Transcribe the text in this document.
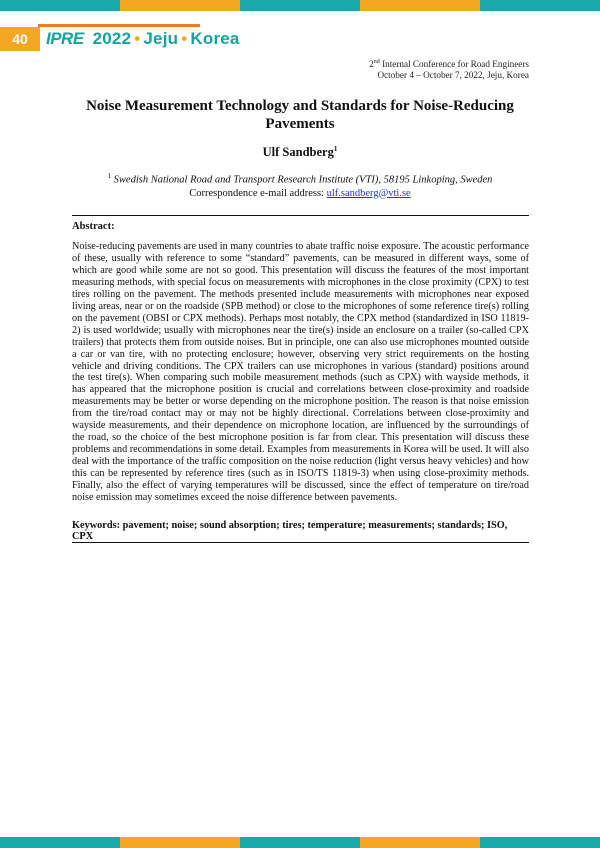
40	IPRE 2022 • Jeju • Korea
2nd Internal Conference for Road Engineers
October 4 – October 7, 2022, Jeju, Korea
Noise Measurement Technology and Standards for Noise-Reducing Pavements
Ulf Sandberg$^1$
$^1$ Swedish National Road and Transport Research Institute (VTI), 58195 Linkoping, Sweden
Correspondence e-mail address: ulf.sandberg@vti.se
Abstract:

Noise-reducing pavements are used in many countries to abate traffic noise exposure. The acoustic performance of these, usually with reference to some “standard” pavements, can be measured in different ways, some of which are good while some are not so good. This presentation will discuss the features of the most important measuring methods, with special focus on measurements with microphones in the close proximity (CPX) to test tires rolling on the pavement. The methods presented include measurements with microphones near exposed living areas, near or on the roadside (SPB method) or close to the microphones of some reference tire(s) rolling on the pavement (OBSI or CPX methods). Perhaps most notably, the CPX method (standardized in ISO 11819-2) is used worldwide; usually with microphones near the tire(s) inside an enclosure on a trailer (so-called CPX trailers) that protects them from outside noises. But in principle, one can also use microphones mounted outside a car or van tire, with no protecting enclosure; however, observing very strict requirements on the hosting vehicle and driving conditions. The CPX trailers can use microphones in various (standard) positions around the test tire(s). When comparing such mobile measurement methods (such as CPX) with wayside methods, it has appeared that the microphone position is crucial and correlations between close-proximity and roadside measurements may be better or worse depending on the microphone position. The reason is that noise emission from the tire/road contact may or may not be highly directional. Correlations between close-proximity and wayside measurements, and their dependence on microphone location, are influenced by the surroundings of the road, so the choice of the best microphone position is far from clear. This presentation will discuss these problems and recommendations in some detail. Examples from measurements in Korea will be used. It will also deal with the importance of the traffic composition on the noise reduction (light versus heavy vehicles) and how this can be represented by reference tires (such as in ISO/TS 11819-3) when using close-proximity methods. Finally, also the effect of varying temperatures will be discussed, since the effect of temperature on tire/road noise emission may sometimes exceed the noise difference between pavements.

Keywords: pavement; noise; sound absorption; tires; temperature; measurements; standards; ISO, CPX
